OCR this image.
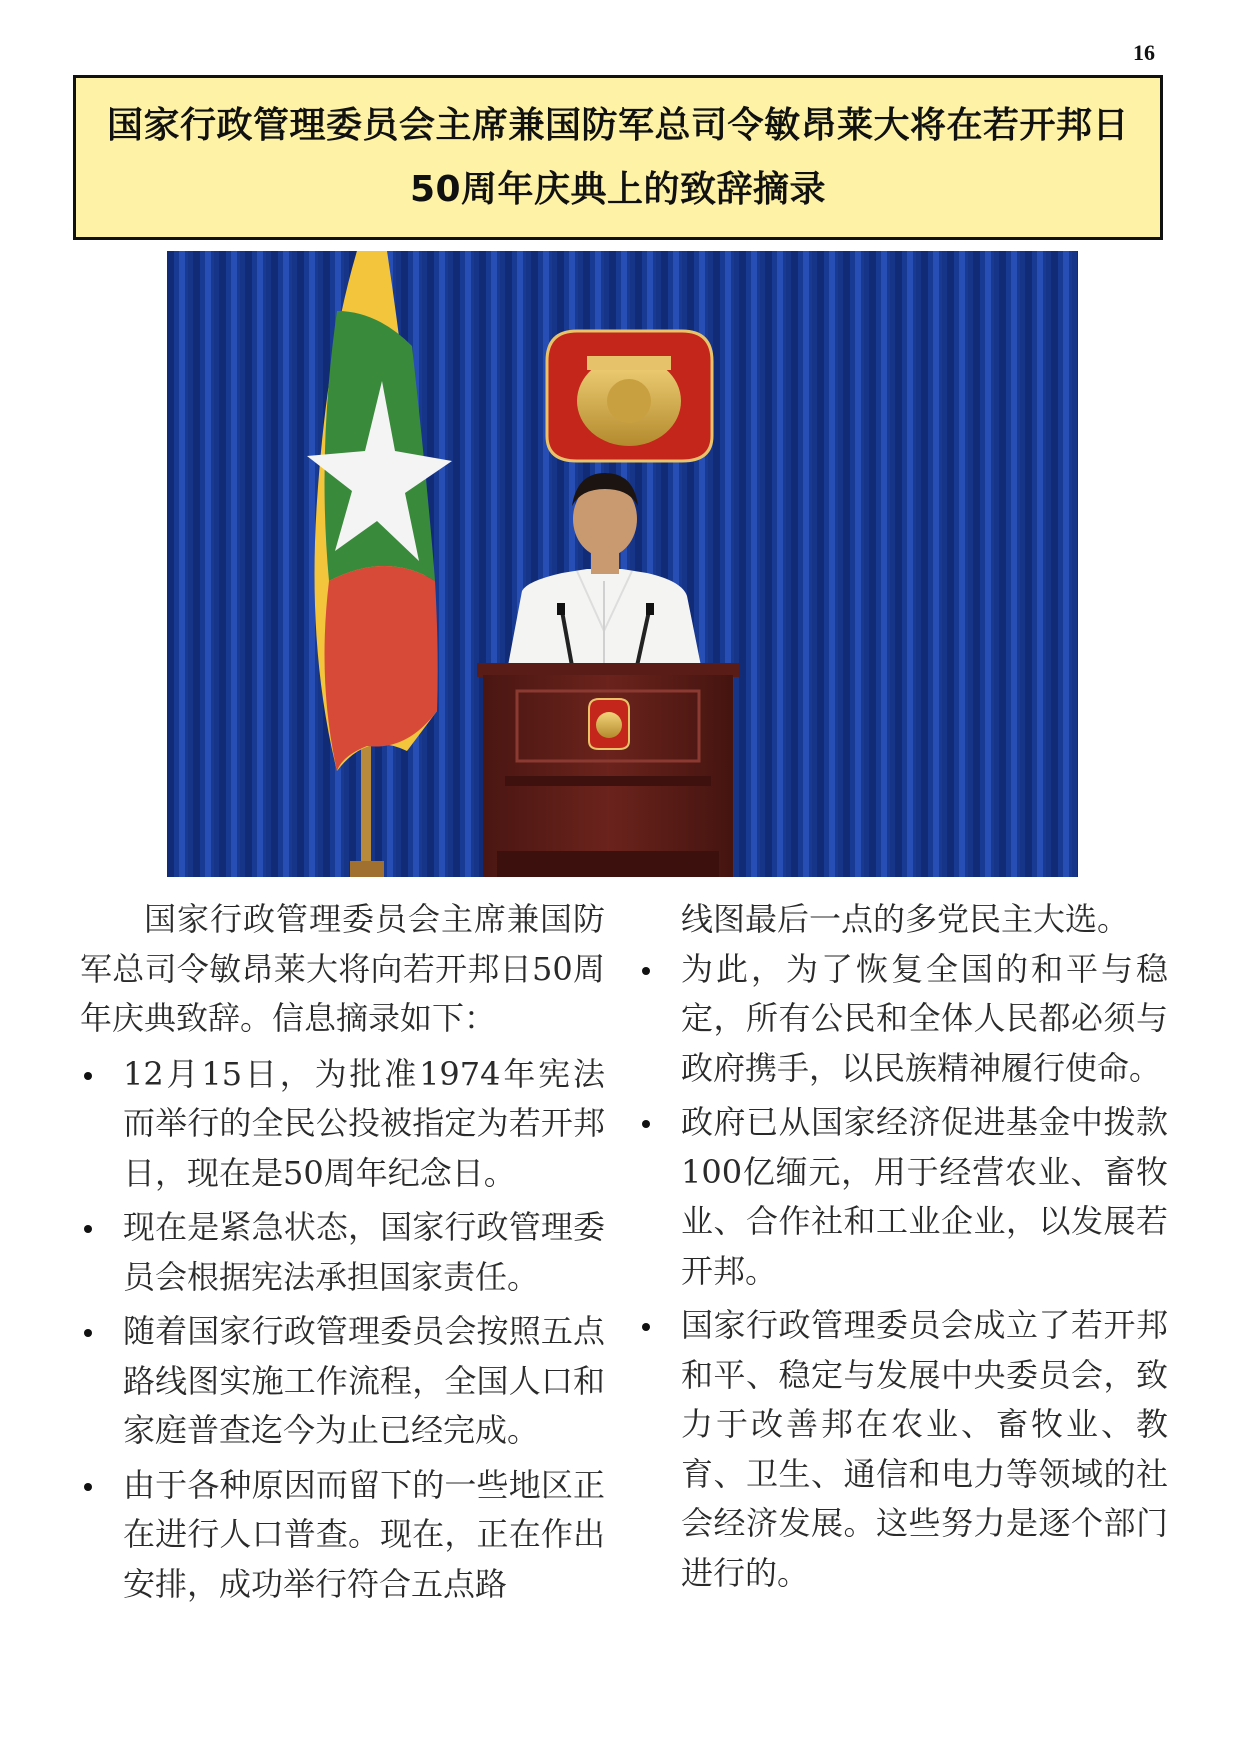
16
国家行政管理委员会主席兼国防军总司令敏昂莱大将在若开邦日
50周年庆典上的致辞摘录

国家行政管理委员会主席兼国防军总司令敏昂莱大将向若开邦日50周年庆典致辞。信息摘录如下：

12月15日，为批准1974年宪法而举行的全民公投被指定为若开邦日，现在是50周年纪念日。
现在是紧急状态，国家行政管理委员会根据宪法承担国家责任。
随着国家行政管理委员会按照五点路线图实施工作流程，全国人口和家庭普查迄今为止已经完成。
由于各种原因而留下的一些地区正在进行人口普查。现在，正在作出安排，成功举行符合五点路

线图最后一点的多党民主大选。

为此，为了恢复全国的和平与稳定，所有公民和全体人民都必须与政府携手，以民族精神履行使命。
政府已从国家经济促进基金中拨款100亿缅元，用于经营农业、畜牧业、合作社和工业企业，以发展若开邦。
国家行政管理委员会成立了若开邦和平、稳定与发展中央委员会，致力于改善邦在农业、畜牧业、教育、卫生、通信和电力等领域的社会经济发展。这些努力是逐个部门进行的。
